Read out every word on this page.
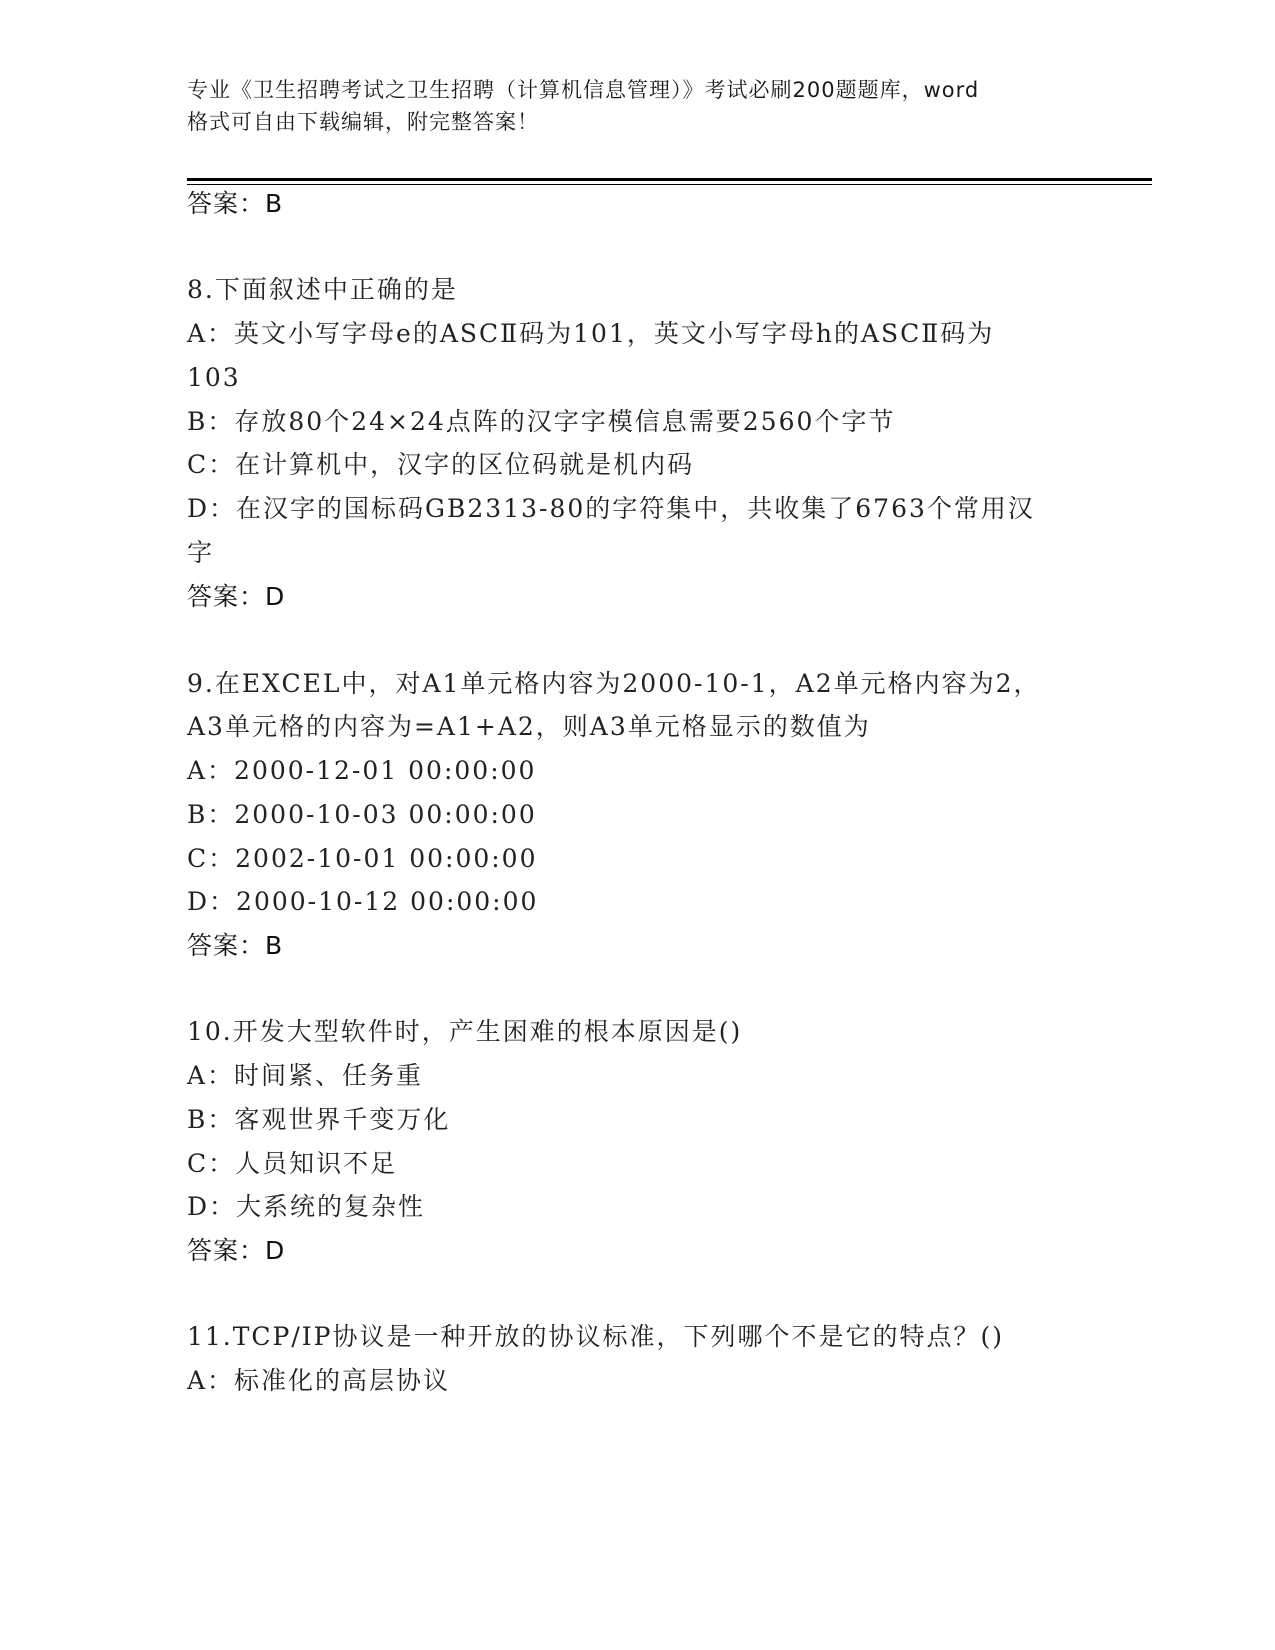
专业《卫生招聘考试之卫生招聘（计算机信息管理）》考试必刷200题题库，word
格式可自由下载编辑，附完整答案！
答案：B
8.下面叙述中正确的是
A：英文小写字母e的ASCⅡ码为101，英文小写字母h的ASCⅡ码为
103
B：存放80个24×24点阵的汉字字模信息需要2560个字节
C：在计算机中，汉字的区位码就是机内码
D：在汉字的国标码GB2313-80的字符集中，共收集了6763个常用汉
字
答案：D
9.在EXCEL中，对A1单元格内容为2000-10-1，A2单元格内容为2，
A3单元格的内容为=A1+A2，则A3单元格显示的数值为
A：2000-12-01 00:00:00
B：2000-10-03 00:00:00
C：2002-10-01 00:00:00
D：2000-10-12 00:00:00
答案：B
10.开发大型软件时，产生困难的根本原因是()
A：时间紧、任务重
B：客观世界千变万化
C：人员知识不足
D：大系统的复杂性
答案：D
11.TCP/IP协议是一种开放的协议标准，下列哪个不是它的特点？()
A：标准化的高层协议
